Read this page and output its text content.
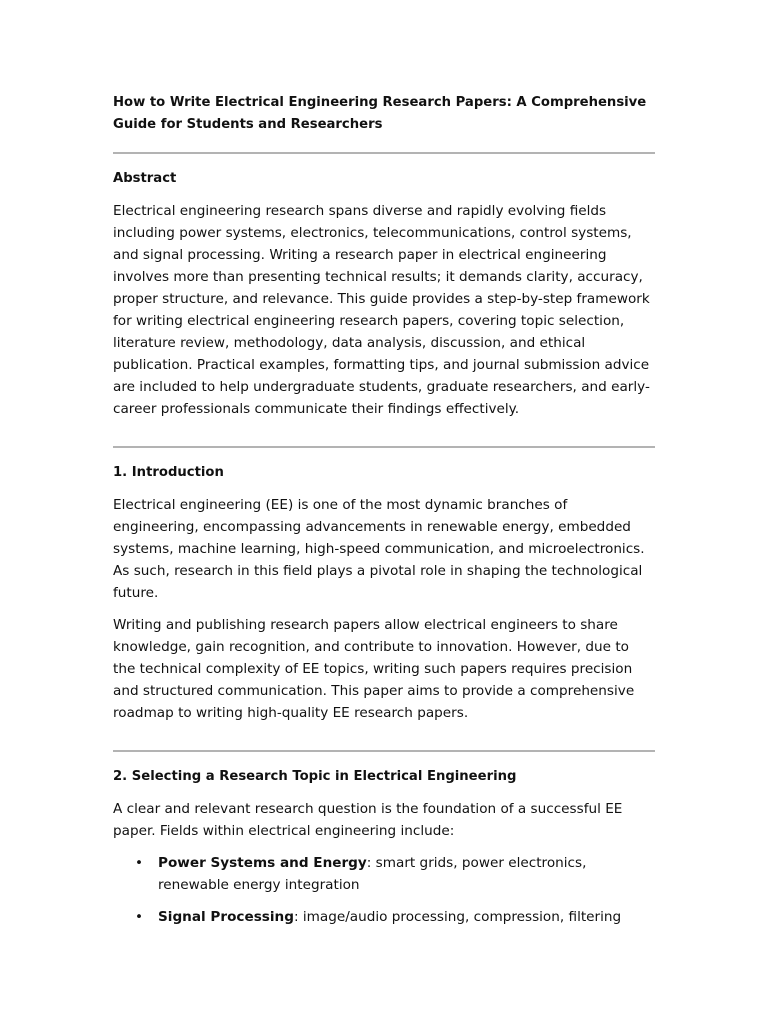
How to Write Electrical Engineering Research Papers: A Comprehensive Guide for Students and Researchers

Abstract

Electrical engineering research spans diverse and rapidly evolving fields including power systems, electronics, telecommunications, control systems, and signal processing. Writing a research paper in electrical engineering involves more than presenting technical results; it demands clarity, accuracy, proper structure, and relevance. This guide provides a step-by-step framework for writing electrical engineering research papers, covering topic selection, literature review, methodology, data analysis, discussion, and ethical publication. Practical examples, formatting tips, and journal submission advice are included to help undergraduate students, graduate researchers, and early-career professionals communicate their findings effectively.

1. Introduction

Electrical engineering (EE) is one of the most dynamic branches of engineering, encompassing advancements in renewable energy, embedded systems, machine learning, high-speed communication, and microelectronics. As such, research in this field plays a pivotal role in shaping the technological future.

Writing and publishing research papers allow electrical engineers to share knowledge, gain recognition, and contribute to innovation. However, due to the technical complexity of EE topics, writing such papers requires precision and structured communication. This paper aims to provide a comprehensive roadmap to writing high-quality EE research papers.

2. Selecting a Research Topic in Electrical Engineering

A clear and relevant research question is the foundation of a successful EE paper. Fields within electrical engineering include:

• Power Systems and Energy: smart grids, power electronics, renewable energy integration
• Signal Processing: image/audio processing, compression, filtering
